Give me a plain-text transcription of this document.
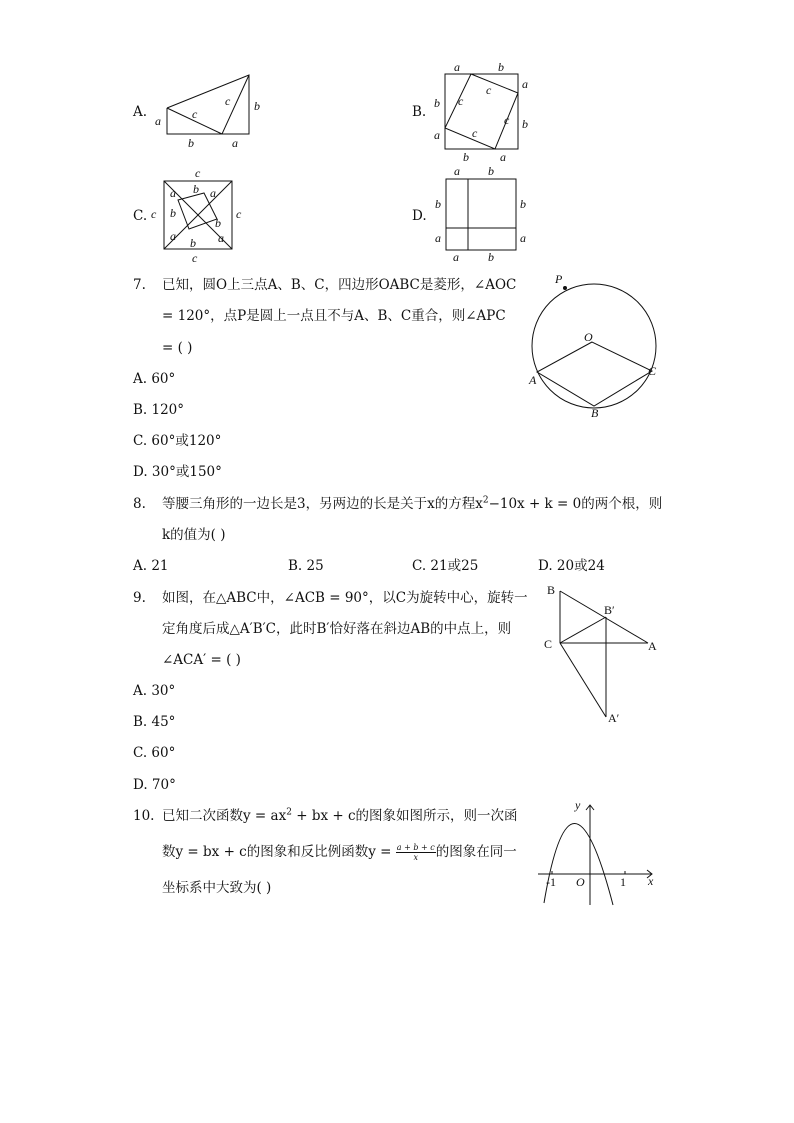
A.
a
b	a
b
c
c
B.
a	b
a
b
b	a
b
a
c
c
c
c
C.
c
c
c	c
a b a
b
b
a b a
D.
a b
a b
b
a
b
a
7. 已知，圆O上三点A、B、C，四边形OABC是菱形，∠AOC
= 120°，点P是圆上一点且不与A、B、C重合，则∠APC
= ( )
A. 60°
B. 120°
C. 60°或120°
D. 30°或150°
P
O
A
B
C
8. 等腰三角形的一边长是3，另两边的长是关于x的方程$x^2-10x + k = 0$的两个根，则
k的值为( )
A. 21	B. 25	C. 21或25	D. 20或24
9. 如图，在△ABC中，∠ACB = 90°，以C为旋转中心，旋转一
定角度后成△A′B′C，此时B′恰好落在斜边AB的中点上，则
∠ACA′ = ( )
A. 30°
B. 45°
C. 60°
D. 70°
B
B′
C	A
A′
10. 已知二次函数$y = ax^2$ + bx + c的图象如图所示，则一次函
数y = bx + c的图象和反比例函数$y = \frac{a + b + c}{x}$ 的图象在同一
坐标系中大致为( )
y
x
O
-1	1
